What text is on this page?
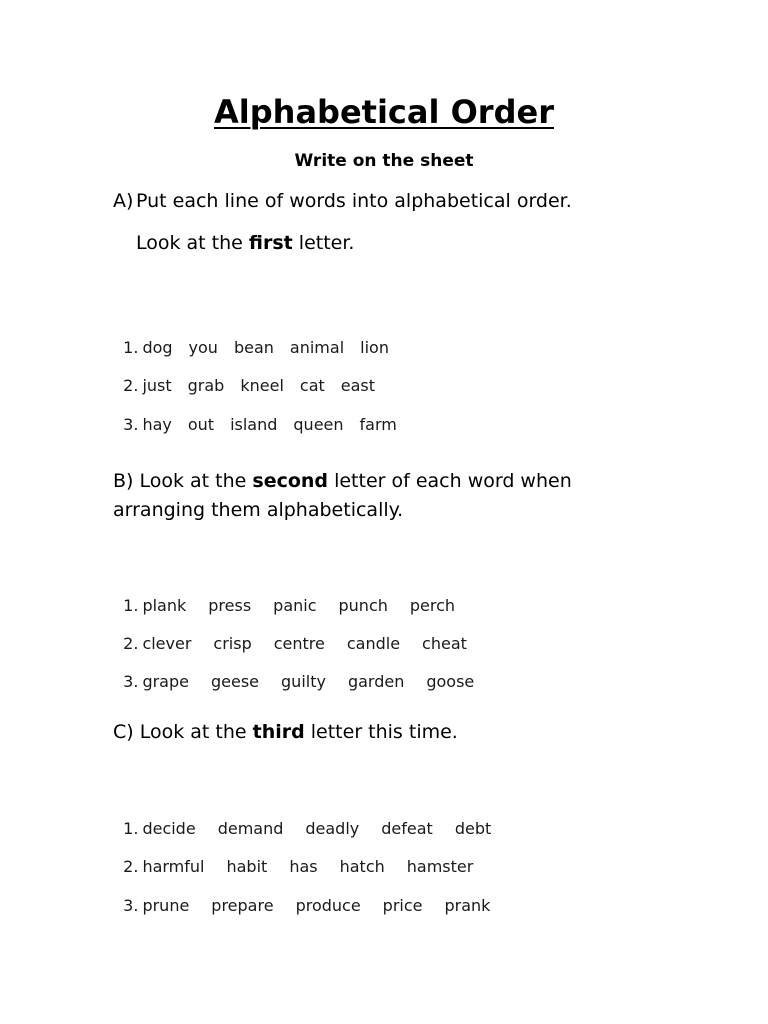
Alphabetical Order
Write on the sheet
A) Put each line of words into alphabetical order.
Look at the first letter.

1. dog you bean animal lion

2. just grab kneel cat east

3. hay out island queen farm

B) Look at the second letter of each word when
arranging them alphabetically.

1. plank press panic punch perch

2. clever crisp centre candle cheat

3. grape geese guilty garden goose

C) Look at the third letter this time.

1. decide demand deadly defeat debt

2. harmful habit has hatch hamster

3. prune prepare produce price prank
